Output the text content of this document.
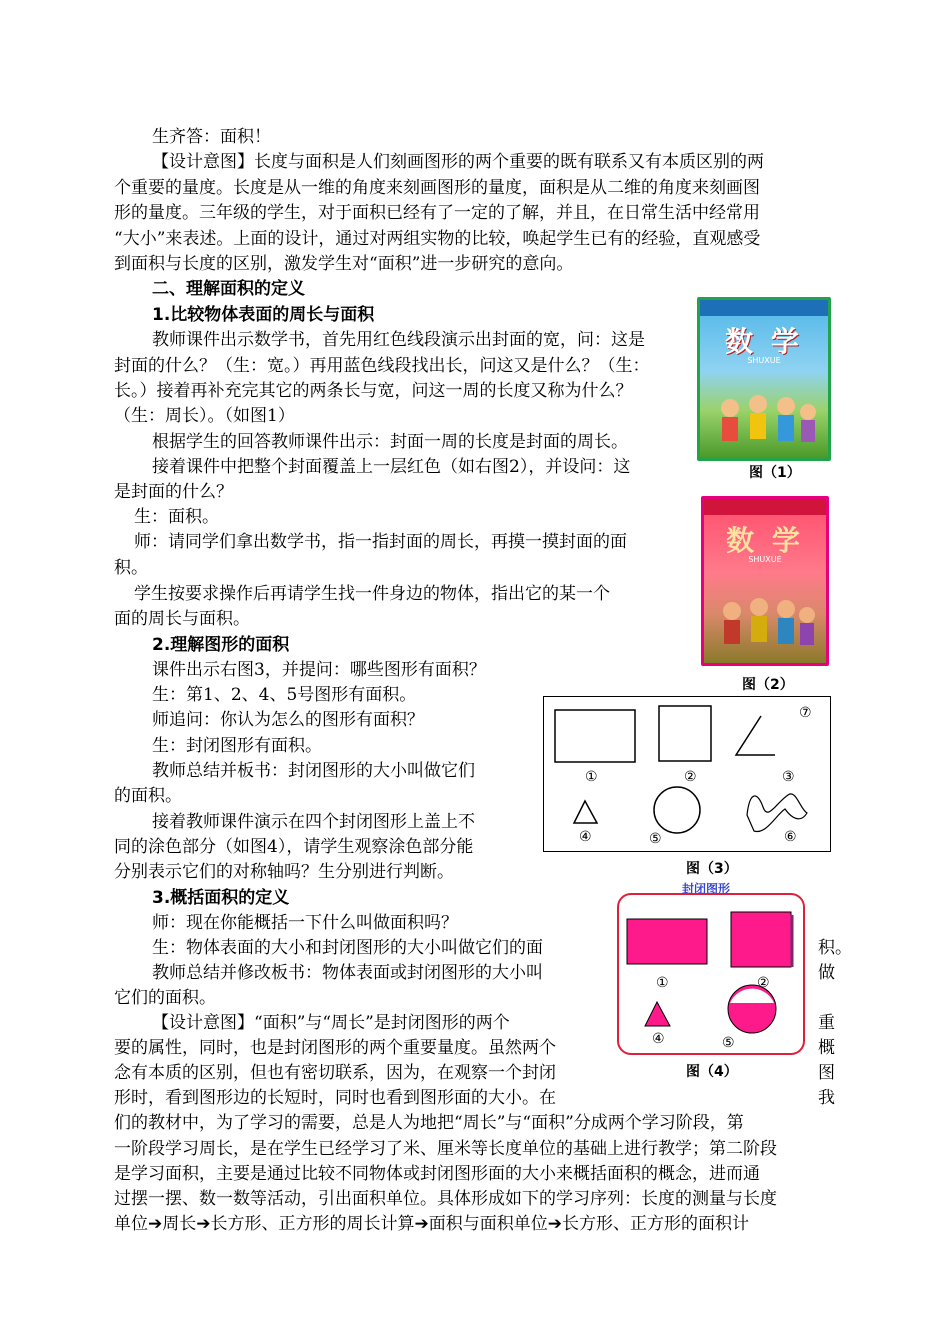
生齐答：面积！
【设计意图】长度与面积是人们刻画图形的两个重要的既有联系又有本质区别的两
个重要的量度。长度是从一维的角度来刻画图形的量度，面积是从二维的角度来刻画图
形的量度。三年级的学生，对于面积已经有了一定的了解，并且，在日常生活中经常用
“大小”来表述。上面的设计，通过对两组实物的比较，唤起学生已有的经验，直观感受
到面积与长度的区别，激发学生对“面积”进一步研究的意向。
二、理解面积的定义
1.比较物体表面的周长与面积
教师课件出示数学书，首先用红色线段演示出封面的宽，问：这是
封面的什么？（生：宽。）再用蓝色线段找出长，问这又是什么？（生：
长。）接着再补充完其它的两条长与宽，问这一周的长度又称为什么？
（生：周长）。（如图1）
根据学生的回答教师课件出示：封面一周的长度是封面的周长。
接着课件中把整个封面覆盖上一层红色（如右图2），并设问：这
是封面的什么？
生：面积。
师：请同学们拿出数学书，指一指封面的周长，再摸一摸封面的面
积。
学生按要求操作后再请学生找一件身边的物体，指出它的某一个
面的周长与面积。
2.理解图形的面积
课件出示右图3，并提问：哪些图形有面积？
生：第1、2、4、5号图形有面积。
师追问：你认为怎么的图形有面积？
生：封闭图形有面积。
教师总结并板书：封闭图形的大小叫做它们
的面积。
接着教师课件演示在四个封闭图形上盖上不
同的涂色部分（如图4），请学生观察涂色部分能
分别表示它们的对称轴吗？生分别进行判断。
3.概括面积的定义
师：现在你能概括一下什么叫做面积吗？
生：物体表面的大小和封闭图形的大小叫做它们的面	积。
教师总结并修改板书：物体表面或封闭图形的大小叫	做
它们的面积。
【设计意图】“面积”与“周长”是封闭图形的两个	重
要的属性，同时，也是封闭图形的两个重要量度。虽然两个	概
念有本质的区别，但也有密切联系，因为，在观察一个封闭	图
形时，看到图形边的长短时，同时也看到图形面的大小。在	我
们的教材中，为了学习的需要，总是人为地把“周长”与“面积”分成两个学习阶段，第
一阶段学习周长，是在学生已经学习了米、厘米等长度单位的基础上进行教学；第二阶段
是学习面积，主要是通过比较不同物体或封闭图形面的大小来概括面积的概念，进而通
过摆一摆、数一数等活动，引出面积单位。具体形成如下的学习序列：长度的测量与长度
单位➔周长➔长方形、正方形的周长计算➔面积与面积单位➔长方形、正方形的面积计
数 学
SHUXUE
图（1）
数 学
SHUXUE
图（2）
①	②	③
④	⑤	⑥
⑦
图（3）
封闭图形
①	②
④	⑤
图（4）
